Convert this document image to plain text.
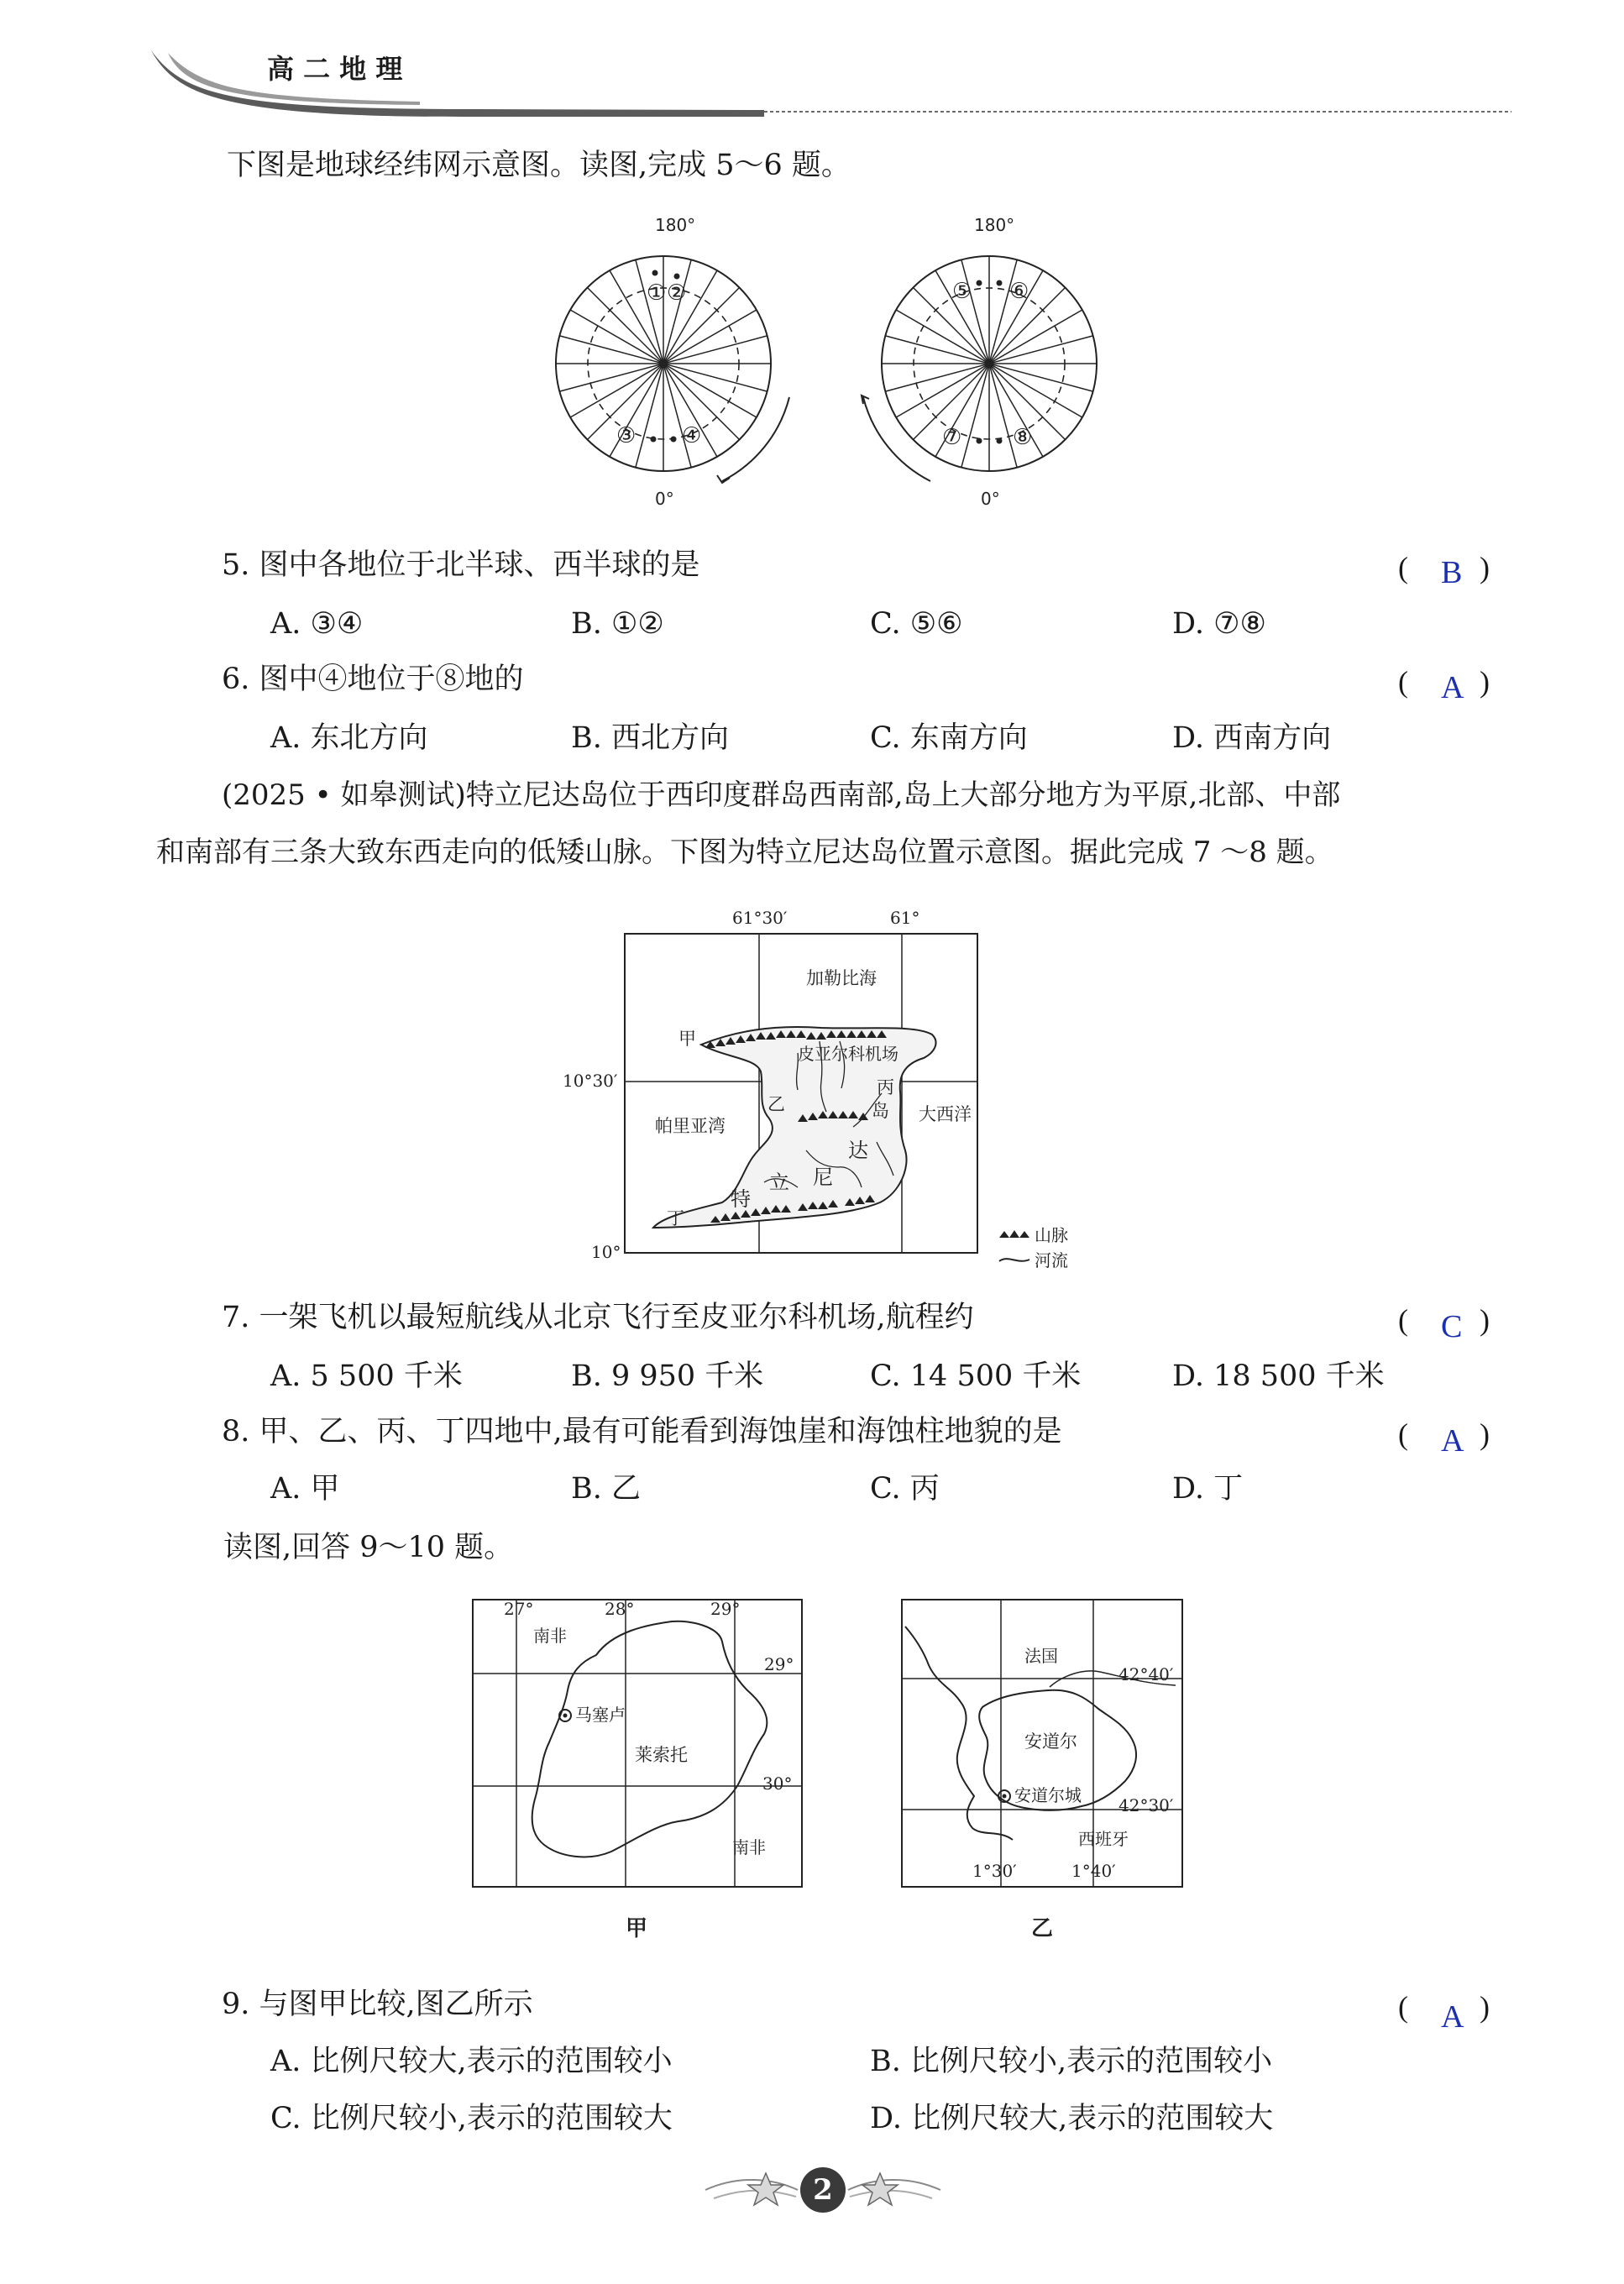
高 二 地 理
下图是地球经纬网示意图。读图,完成 5～6 题。
180°
0°
① ②
③ ④
180°
0°
⑤ ⑥
⑦ ⑧
5. 图中各地位于北半球、西半球的是	( B )
A. ③④	B. ①②	C. ⑤⑥	D. ⑦⑧
6. 图中④地位于⑧地的	( A )
A. 东北方向	B. 西北方向	C. 东南方向	D. 西南方向
(2025 • 如皋测试)特立尼达岛位于西印度群岛西南部,岛上大部分地方为平原,北部、中部
和南部有三条大致东西走向的低矮山脉。下图为特立尼达岛位置示意图。据此完成 7 ～8 题。
61°30′	61°
10°30′
10°
加勒比海
甲
皮亚尔科机场
乙
丙
岛 大西洋
帕里亚湾
达
立 尼
特
丁
山脉
河流
7. 一架飞机以最短航线从北京飞行至皮亚尔科机场,航程约	( C )
A. 5 500 千米	B. 9 950 千米	C. 14 500 千米	D. 18 500 千米
8. 甲、乙、丙、丁四地中,最有可能看到海蚀崖和海蚀柱地貌的是	( A )
A. 甲	B. 乙	C. 丙	D. 丁
读图,回答 9～10 题。
27°	28°	29°
29°
30°
南非
南非
马塞卢
莱索托
甲
法国
42°40′
安道尔
安道尔城 42°30′
西班牙
1°30′	1°40′
乙
9. 与图甲比较,图乙所示	( A )
A. 比例尺较大,表示的范围较小	B. 比例尺较小,表示的范围较小
C. 比例尺较小,表示的范围较大	D. 比例尺较大,表示的范围较大
2
